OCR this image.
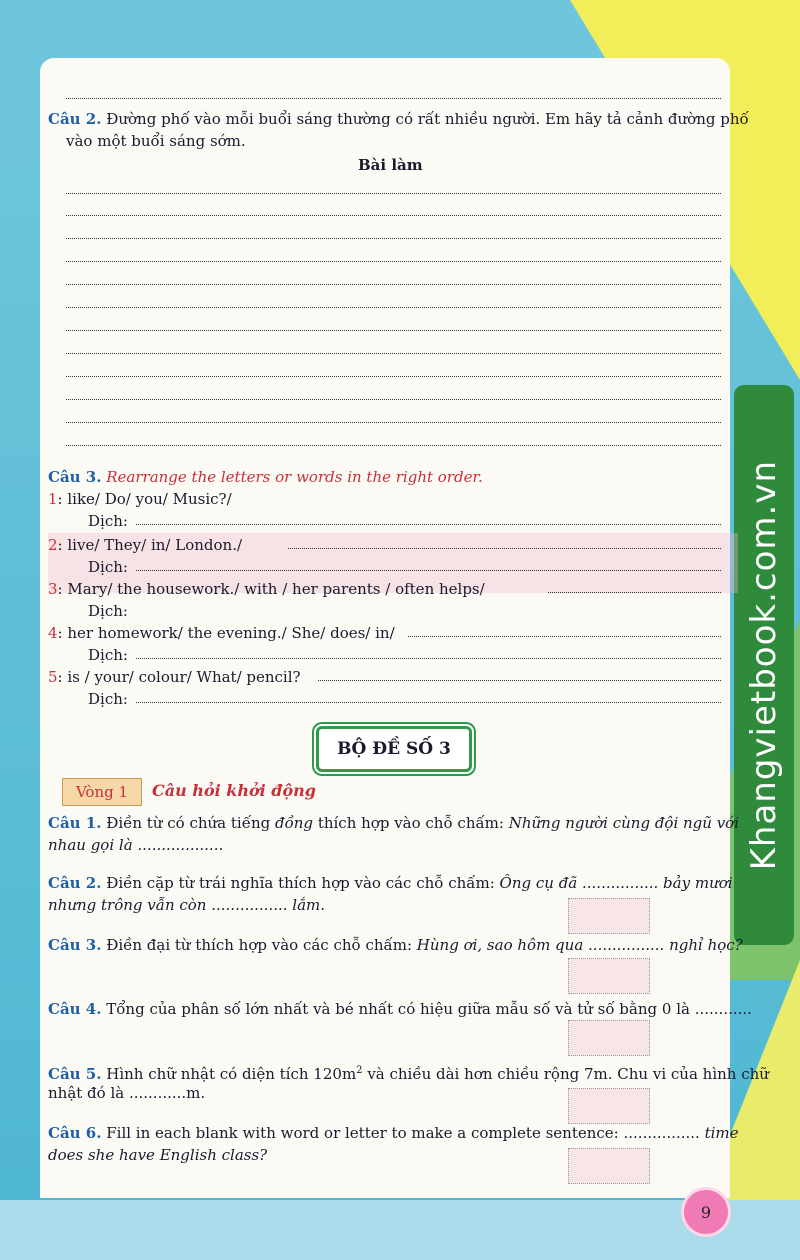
Khangvietbook.com.vn
Câu 2. Đường phố vào mỗi buổi sáng thường có rất nhiều người. Em hãy tả cảnh đường phố
vào một buổi sáng sớm.
Bài làm
Câu 3. Rearrange the letters or words in the right order.
1: like/ Do/ you/ Music?/
Dịch:
2: live/ They/ in/ London./
Dịch:
3: Mary/ the housework./ with / her parents / often helps/
Dịch:
4: her homework/ the evening./ She/ does/ in/
Dịch:
5: is / your/ colour/ What/ pencil?
Dịch:
BỘ ĐỀ SỐ 3
Vòng 1	Câu hỏi khởi động
Câu 1. Điền từ có chứa tiếng đồng thích hợp vào chỗ chấm: Những người cùng đội ngũ với
nhau gọi là ..................
Câu 2. Điền cặp từ trái nghĩa thích hợp vào các chỗ chấm: Ông cụ đã ................ bảy mươi
nhưng trông vẫn còn ................ lắm.
Câu 3. Điền đại từ thích hợp vào các chỗ chấm: Hùng ơi, sao hôm qua ................ nghỉ học?
Câu 4. Tổng của phân số lớn nhất và bé nhất có hiệu giữa mẫu số và tử số bằng 0 là ............
Câu 5. Hình chữ nhật có diện tích $120m^2$ và chiều dài hơn chiều rộng 7m. Chu vi của hình chữ
nhật đó là ............m.
Câu 6. Fill in each blank with word or letter to make a complete sentence: ................ time
does she have English class?
9
